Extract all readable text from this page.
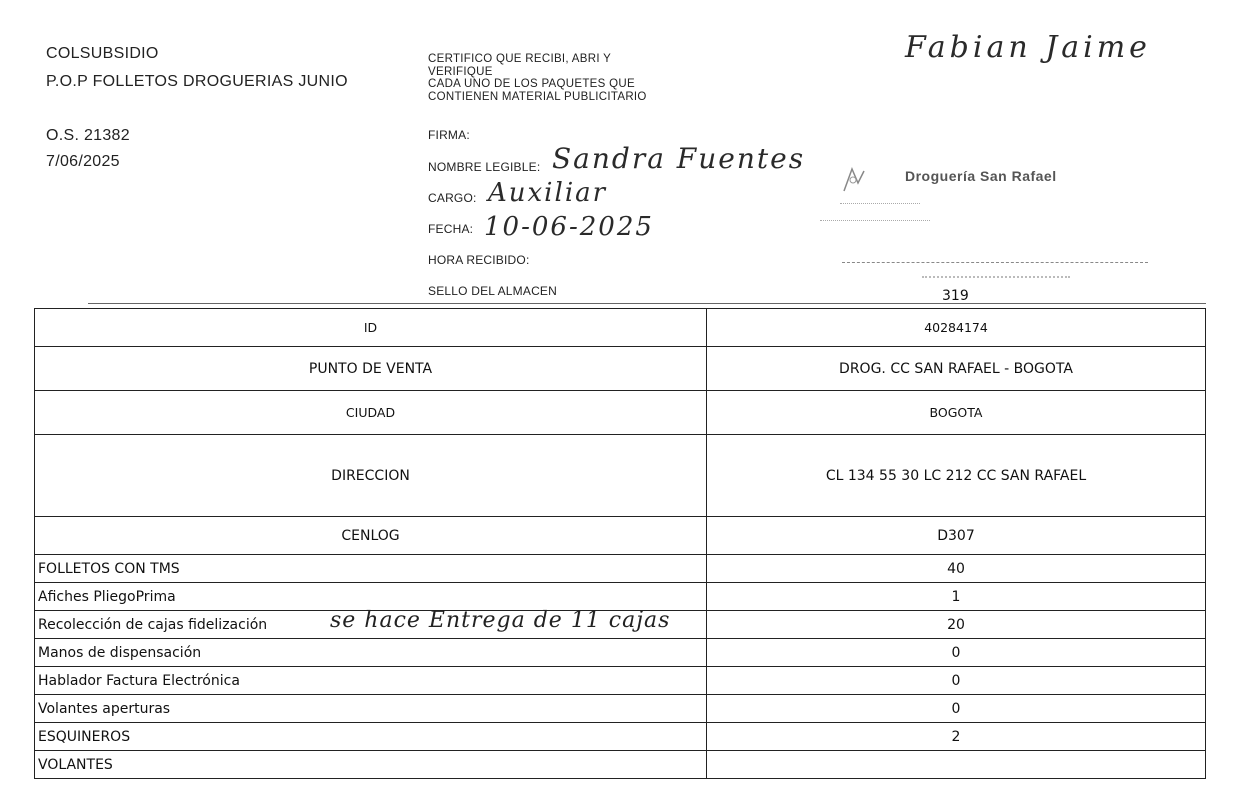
COLSUBSIDIO
P.O.P FOLLETOS DROGUERIAS JUNIO
O.S. 21382
7/06/2025
CERTIFICO QUE RECIBI, ABRI Y
VERIFIQUE
CADA UNO DE LOS PAQUETES QUE
CONTIENEN MATERIAL PUBLICITARIO
FIRMA:
NOMBRE LEGIBLE: Sandra Fuentes
CARGO: Auxiliar
FECHA: 10-06-2025
HORA RECIBIDO:
SELLO DEL ALMACEN
Fabian Jaime
Droguería San Rafael
319
ID	40284174
PUNTO DE VENTA	DROG. CC SAN RAFAEL - BOGOTA
CIUDAD	BOGOTA
DIRECCION	CL 134 55 30 LC 212 CC SAN RAFAEL
CENLOG	D307
FOLLETOS CON TMS	40
Afiches PliegoPrima	1
Recolección de cajas fidelización	20
Manos de dispensación	0
Hablador Factura Electrónica	0
Volantes aperturas	0
ESQUINEROS	2
VOLANTES	
se hace Entrega de 11 cajas
